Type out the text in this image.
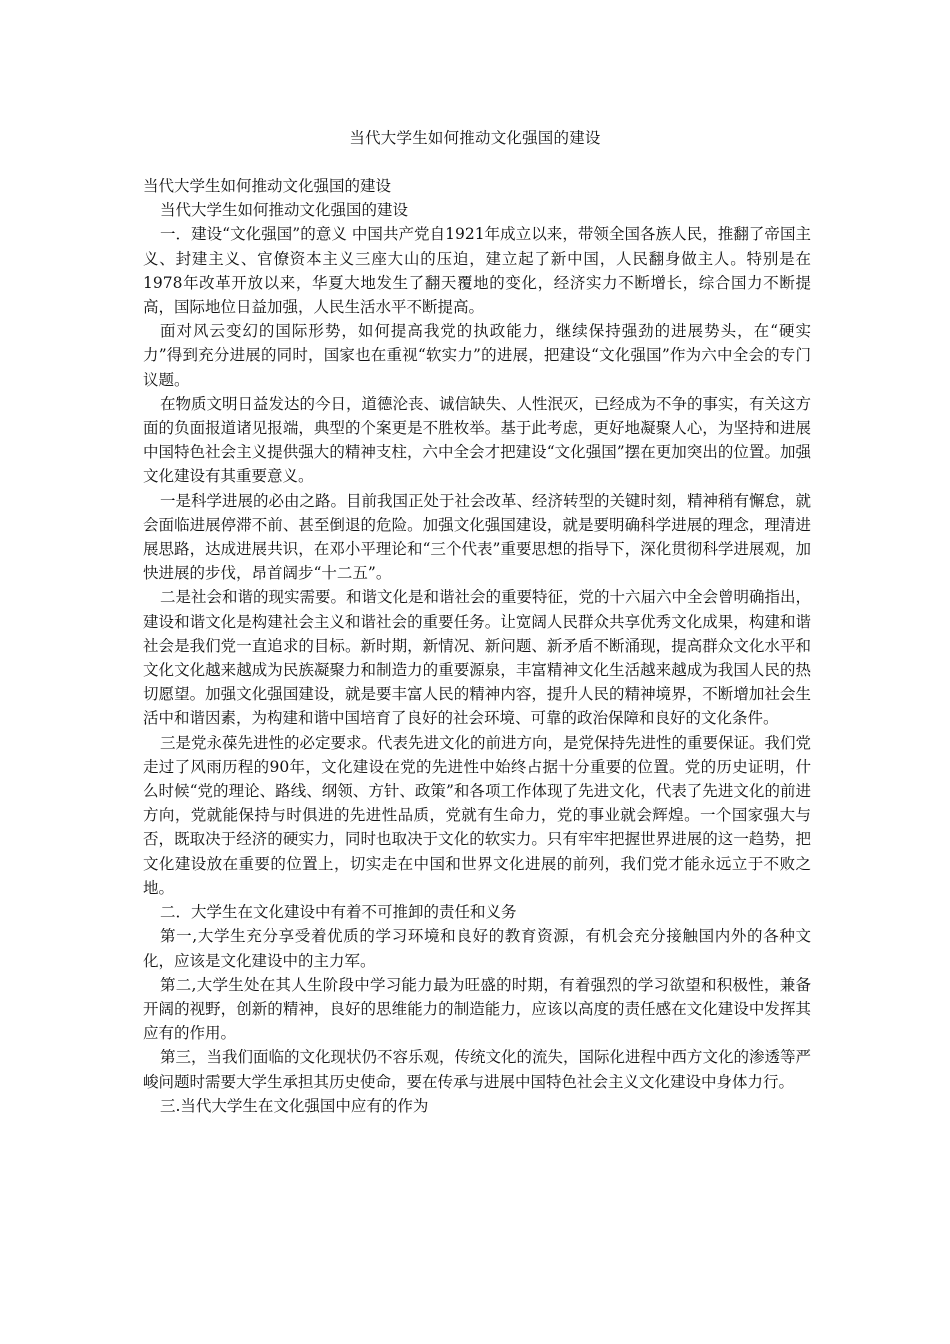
当代大学生如何推动文化强国的建设

当代大学生如何推动文化强国的建设

当代大学生如何推动文化强国的建设

一．建设“文化强国”的意义 中国共产党自1921年成立以来，带领全国各族人民，推翻了帝国主义、封建主义、官僚资本主义三座大山的压迫，建立起了新中国，人民翻身做主人。特别是在1978年改革开放以来，华夏大地发生了翻天覆地的变化，经济实力不断增长，综合国力不断提高，国际地位日益加强，人民生活水平不断提高。

面对风云变幻的国际形势，如何提高我党的执政能力，继续保持强劲的进展势头，在“硬实力”得到充分进展的同时，国家也在重视“软实力”的进展，把建设“文化强国”作为六中全会的专门议题。

在物质文明日益发达的今日，道德沦丧、诚信缺失、人性泯灭，已经成为不争的事实，有关这方面的负面报道诸见报端，典型的个案更是不胜枚举。基于此考虑，更好地凝聚人心，为坚持和进展中国特色社会主义提供强大的精神支柱，六中全会才把建设“文化强国”摆在更加突出的位置。加强文化建设有其重要意义。

一是科学进展的必由之路。目前我国正处于社会改革、经济转型的关键时刻，精神稍有懈怠，就会面临进展停滞不前、甚至倒退的危险。加强文化强国建设，就是要明确科学进展的理念，理清进展思路，达成进展共识，在邓小平理论和“三个代表”重要思想的指导下，深化贯彻科学进展观，加快进展的步伐，昂首阔步“十二五”。

二是社会和谐的现实需要。和谐文化是和谐社会的重要特征，党的十六届六中全会曾明确指出，建设和谐文化是构建社会主义和谐社会的重要任务。让宽阔人民群众共享优秀文化成果，构建和谐社会是我们党一直追求的目标。新时期，新情况、新问题、新矛盾不断涌现，提高群众文化水平和文化文化越来越成为民族凝聚力和制造力的重要源泉，丰富精神文化生活越来越成为我国人民的热切愿望。加强文化强国建设，就是要丰富人民的精神内容，提升人民的精神境界，不断增加社会生活中和谐因素，为构建和谐中国培育了良好的社会环境、可靠的政治保障和良好的文化条件。

三是党永葆先进性的必定要求。代表先进文化的前进方向，是党保持先进性的重要保证。我们党走过了风雨历程的90年，文化建设在党的先进性中始终占据十分重要的位置。党的历史证明，什么时候“党的理论、路线、纲领、方针、政策”和各项工作体现了先进文化，代表了先进文化的前进方向，党就能保持与时俱进的先进性品质，党就有生命力，党的事业就会辉煌。一个国家强大与否，既取决于经济的硬实力，同时也取决于文化的软实力。只有牢牢把握世界进展的这一趋势，把文化建设放在重要的位置上，切实走在中国和世界文化进展的前列，我们党才能永远立于不败之地。

二．大学生在文化建设中有着不可推卸的责任和义务

第一,大学生充分享受着优质的学习环境和良好的教育资源，有机会充分接触国内外的各种文化，应该是文化建设中的主力军。

第二,大学生处在其人生阶段中学习能力最为旺盛的时期，有着强烈的学习欲望和积极性，兼备开阔的视野，创新的精神，良好的思维能力的制造能力，应该以高度的责任感在文化建设中发挥其应有的作用。

第三，当我们面临的文化现状仍不容乐观，传统文化的流失，国际化进程中西方文化的渗透等严峻问题时需要大学生承担其历史使命，要在传承与进展中国特色社会主义文化建设中身体力行。

三.当代大学生在文化强国中应有的作为
